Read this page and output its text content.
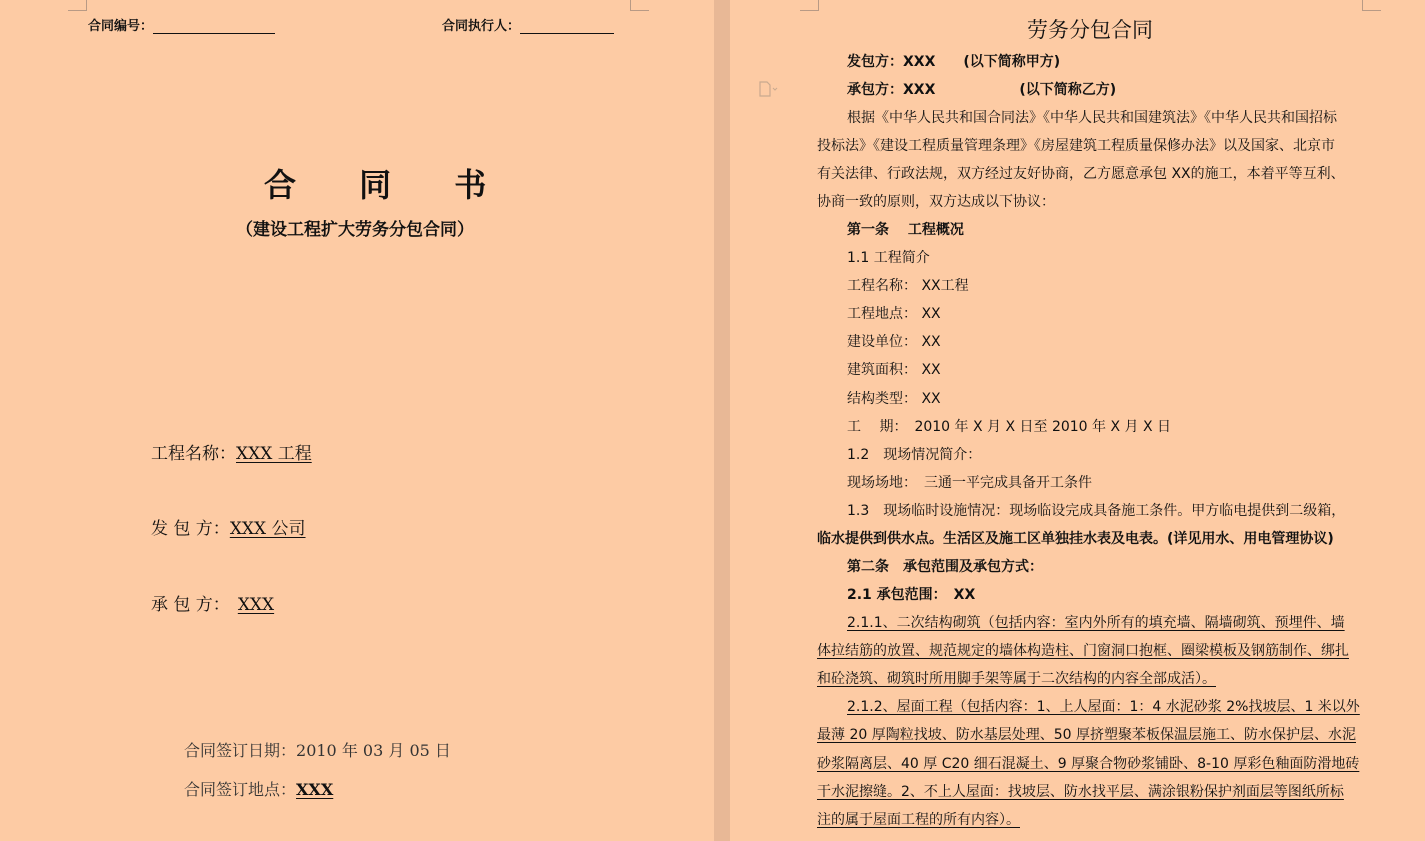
合同编号：	合同执行人：
合 同 书
（建设工程扩大劳务分包合同）
工程名称：XXX 工程
发 包 方：XXX 公司
承 包 方： XXX
合同签订日期：2010 年 03 月 05 日
合同签订地点：XXX
劳务分包合同
发包方：XXX　　(以下简称甲方)
承包方：XXX　　　　　　(以下简称乙方)
根据《中华人民共和国合同法》《中华人民共和国建筑法》《中华人民共和国招标
投标法》《建设工程质量管理条理》《房屋建筑工程质量保修办法》以及国家、北京市
有关法律、行政法规，双方经过友好协商，乙方愿意承包 XX的施工，本着平等互利、
协商一致的原则，双方达成以下协议：
第一条　 工程概况
1.1 工程简介
工程名称： XX工程
工程地点： XX
建设单位： XX
建筑面积： XX
结构类型： XX
工　 期：　2010 年 X 月 X 日至 2010 年 X 月 X 日
1.2　现场情况简介：
现场场地：　三通一平完成具备开工条件
1.3　现场临时设施情况：现场临设完成具备施工条件。甲方临电提供到二级箱，
临水提供到供水点。生活区及施工区单独挂水表及电表。(详见用水、用电管理协议)
第二条　承包范围及承包方式：
2.1 承包范围：　XX
2.1.1、二次结构砌筑（包括内容：室内外所有的填充墙、隔墙砌筑、预埋件、墙
体拉结筋的放置、规范规定的墙体构造柱、门窗洞口抱框、圈梁模板及钢筋制作、绑扎
和砼浇筑、砌筑时所用脚手架等属于二次结构的内容全部成活）。
2.1.2、屋面工程（包括内容：1、上人屋面：1：4 水泥砂浆 2%找坡层、1 米以外
最薄 20 厚陶粒找坡、防水基层处理、50 厚挤塑聚苯板保温层施工、防水保护层、水泥
砂浆隔离层、40 厚 C20 细石混凝土、9 厚聚合物砂浆铺卧、8-10 厚彩色釉面防滑地砖
干水泥擦缝。2、不上人屋面：找坡层、防水找平层、满涂银粉保护剂面层等图纸所标
注的属于屋面工程的所有内容）。
